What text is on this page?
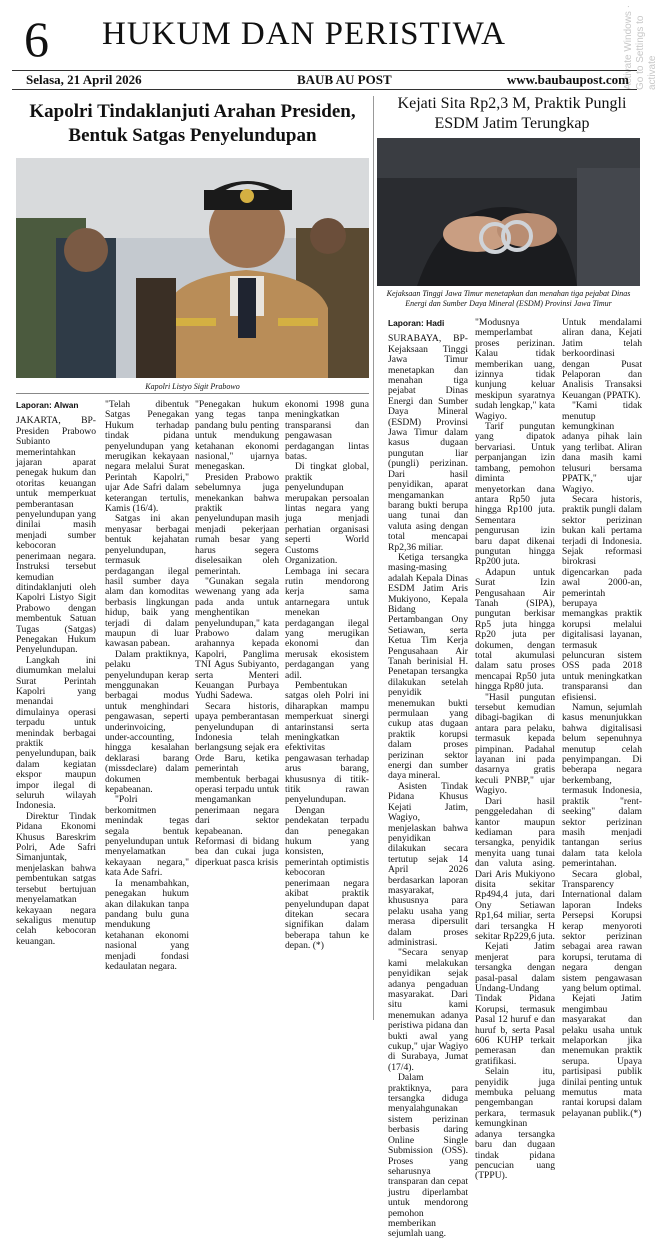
6 HUKUM DAN PERISTIWA	Activate Windows · Go to Settings to activate
Selasa, 21 April 2026	BAUB AU POST	www.baubaupost.com
Kapolri Tindaklanjuti Arahan Presiden, Bentuk Satgas Penyelundupan
Kejati Sita Rp2,3 M, Praktik Pungli ESDM Jatim Terungkap
Kapolri Listyo Sigit Prabowo
Kejaksaan Tinggi Jawa Timur menetapkan dan menahan tiga pejabat Dinas Energi dan Sumber Daya Mineral (ESDM) Provinsi Jawa Timur

Laporan: Alwan

JAKARTA, BP-Presiden Prabowo Subianto memerintahkan jajaran aparat penegak hukum dan otoritas keuangan untuk memperkuat pemberantasan penyelundupan yang dinilai masih menjadi sumber kebocoran penerimaan negara. Instruksi tersebut kemudian ditindaklanjuti oleh Kapolri Listyo Sigit Prabowo dengan membentuk Satuan Tugas (Satgas) Penegakan Hukum Penyelundupan.

Langkah ini diumumkan melalui Surat Perintah Kapolri yang menandai dimulainya operasi terpadu untuk menindak berbagai praktik penyelundupan, baik dalam kegiatan ekspor maupun impor ilegal di seluruh wilayah Indonesia.

Direktur Tindak Pidana Ekonomi Khusus Bareskrim Polri, Ade Safri Simanjuntak, menjelaskan bahwa pembentukan satgas tersebut bertujuan menyelamatkan kekayaan negara sekaligus menutup celah kebocoran keuangan.

"Telah dibentuk Satgas Penegakan Hukum terhadap tindak pidana penyelundupan yang merugikan kekayaan negara melalui Surat Perintah Kapolri," ujar Ade Safri dalam keterangan tertulis, Kamis (16/4).

Satgas ini akan menyasar berbagai bentuk kejahatan penyelundupan, termasuk perdagangan ilegal hasil sumber daya alam dan komoditas berbasis lingkungan hidup, baik yang terjadi di dalam maupun di luar kawasan pabean.

Dalam praktiknya, pelaku penyelundupan kerap menggunakan berbagai modus untuk menghindari pengawasan, seperti underinvoicing, under-accounting, hingga kesalahan deklarasi barang (missdeclare) dalam dokumen kepabeanan.

"Polri berkomitmen menindak tegas segala bentuk penyelundupan untuk menyelamatkan kekayaan negara," kata Ade Safri.

Ia menambahkan, penegakan hukum akan dilakukan tanpa pandang bulu guna mendukung ketahanan ekonomi nasional yang menjadi fondasi kedaulatan negara.

"Penegakan hukum yang tegas tanpa pandang bulu penting untuk mendukung ketahanan ekonomi nasional," ujarnya menegaskan.

Presiden Prabowo sebelumnya juga menekankan bahwa praktik penyelundupan masih menjadi pekerjaan rumah besar yang harus segera diselesaikan oleh pemerintah.

"Gunakan segala wewenang yang ada pada anda untuk menghentikan penyelundupan," kata Prabowo dalam arahannya kepada Kapolri, Panglima TNI Agus Subiyanto, serta Menteri Keuangan Purbaya Yudhi Sadewa.

Secara historis, upaya pemberantasan penyelundupan di Indonesia telah berlangsung sejak era Orde Baru, ketika pemerintah membentuk berbagai operasi terpadu untuk mengamankan penerimaan negara dari sektor kepabeanan. Reformasi di bidang bea dan cukai juga diperkuat pasca krisis

ekonomi 1998 guna meningkatkan transparansi dan pengawasan perdagangan lintas batas.

Di tingkat global, praktik penyelundupan merupakan persoalan lintas negara yang juga menjadi perhatian organisasi seperti World Customs Organization. Lembaga ini secara rutin mendorong kerja sama antarnegara untuk menekan perdagangan ilegal yang merugikan ekonomi dan merusak ekosistem perdagangan yang adil.

Pembentukan satgas oleh Polri ini diharapkan mampu memperkuat sinergi antarinstansi serta meningkatkan efektivitas pengawasan terhadap arus barang, khususnya di titik-titik rawan penyelundupan.

Dengan pendekatan terpadu dan penegakan hukum yang konsisten, pemerintah optimistis kebocoran penerimaan negara akibat praktik penyelundupan dapat ditekan secara signifikan dalam beberapa tahun ke depan. (*)

Laporan: Hadi

SURABAYA, BP-Kejaksaan Tinggi Jawa Timur menetapkan dan menahan tiga pejabat Dinas Energi dan Sumber Daya Mineral (ESDM) Provinsi Jawa Timur dalam kasus dugaan pungutan liar (pungli) perizinan. Dari hasil penyidikan, aparat mengamankan barang bukti berupa uang tunai dan valuta asing dengan total mencapai Rp2,36 miliar.

Ketiga tersangka masing-masing adalah Kepala Dinas ESDM Jatim Aris Mukiyono, Kepala Bidang Pertambangan Ony Setiawan, serta Ketua Tim Kerja Pengusahaan Air Tanah berinisial H. Penetapan tersangka dilakukan setelah penyidik menemukan bukti permulaan yang cukup atas dugaan praktik korupsi dalam proses perizinan sektor energi dan sumber daya mineral.

Asisten Tindak Pidana Khusus Kejati Jatim, Wagiyo, menjelaskan bahwa penyidikan dilakukan secara tertutup sejak 14 April 2026 berdasarkan laporan masyarakat, khususnya para pelaku usaha yang merasa dipersulit dalam proses administrasi.

"Secara senyap kami melakukan penyidikan sejak adanya pengaduan masyarakat. Dari situ kami menemukan adanya peristiwa pidana dan bukti awal yang cukup," ujar Wagiyo di Surabaya, Jumat (17/4).

Dalam praktiknya, para tersangka diduga menyalahgunakan sistem perizinan berbasis daring Online Single Submission (OSS). Proses yang seharusnya transparan dan cepat justru diperlambat untuk mendorong pemohon memberikan sejumlah uang.

"Modusnya memperlambat proses perizinan. Kalau tidak memberikan uang, izinnya tidak kunjung keluar meskipun syaratnya sudah lengkap," kata Wagiyo.

Tarif pungutan yang dipatok bervariasi. Untuk perpanjangan izin tambang, pemohon diminta menyetorkan dana antara Rp50 juta hingga Rp100 juta. Sementara pengurusan izin baru dapat dikenai pungutan hingga Rp200 juta.

Adapun untuk Surat Izin Pengusahaan Air Tanah (SIPA), pungutan berkisar Rp5 juta hingga Rp20 juta per dokumen, dengan total akumulasi dalam satu proses mencapai Rp50 juta hingga Rp80 juta.

"Hasil pungutan tersebut kemudian dibagi-bagikan di antara para pelaku, termasuk kepada pimpinan. Padahal layanan ini pada dasarnya gratis keculi PNBP," ujar Wagiyo.

Dari hasil penggeledahan di kantor maupun kediaman para tersangka, penyidik menyita uang tunai dan valuta asing. Dari Aris Mukiyono disita sekitar Rp494,4 juta, dari Ony Setiawan Rp1,64 miliar, serta dari tersangka H sekitar Rp229,6 juta.

Kejati Jatim menjerat para tersangka dengan pasal-pasal dalam Undang-Undang Tindak Pidana Korupsi, termasuk Pasal 12 huruf e dan huruf b, serta Pasal 606 KUHP terkait pemerasan dan gratifikasi.

Selain itu, penyidik juga membuka peluang pengembangan perkara, termasuk kemungkinan adanya tersangka baru dan dugaan tindak pidana pencucian uang (TPPU).

Untuk mendalami aliran dana, Kejati Jatim telah berkoordinasi dengan Pusat Pelaporan dan Analisis Transaksi Keuangan (PPATK).

"Kami tidak menutup kemungkinan adanya pihak lain yang terlibat. Aliran dana masih kami telusuri bersama PPATK," ujar Wagiyo.

Secara historis, praktik pungli dalam sektor perizinan bukan kali pertama terjadi di Indonesia. Sejak reformasi birokrasi digencarkan pada awal 2000-an, pemerintah berupaya memangkas praktik korupsi melalui digitalisasi layanan, termasuk peluncuran sistem OSS pada 2018 untuk meningkatkan transparansi dan efisiensi.

Namun, sejumlah kasus menunjukkan bahwa digitalisasi belum sepenuhnya menutup celah penyimpangan. Di beberapa negara berkembang, termasuk Indonesia, praktik "rent-seeking" dalam sektor perizinan masih menjadi tantangan serius dalam tata kelola pemerintahan.

Secara global, Transparency International dalam laporan Indeks Persepsi Korupsi kerap menyoroti sektor perizinan sebagai area rawan korupsi, terutama di negara dengan sistem pengawasan yang belum optimal.

Kejati Jatim mengimbau masyarakat dan pelaku usaha untuk melaporkan jika menemukan praktik serupa. Upaya partisipasi publik dinilai penting untuk memutus mata rantai korupsi dalam pelayanan publik.(*)
